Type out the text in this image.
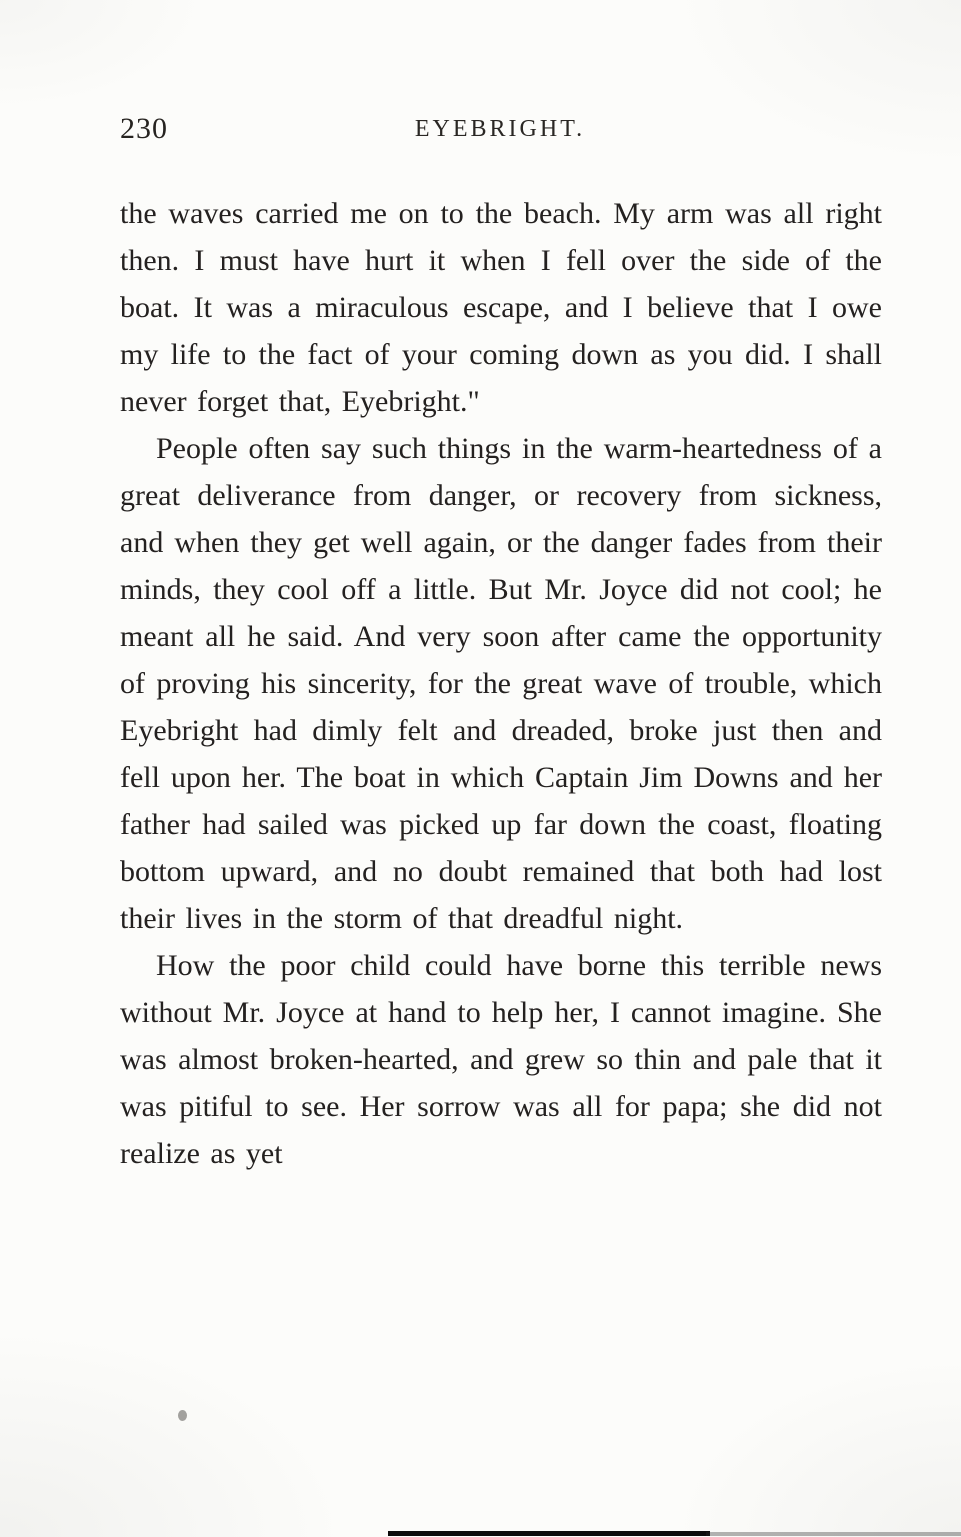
230	EYEBRIGHT.

the waves carried me on to the beach. My arm was all right then. I must have hurt it when I fell over the side of the boat. It was a miraculous escape, and I believe that I owe my life to the fact of your coming down as you did. I shall never forget that, Eyebright."

People often say such things in the warm-heartedness of a great deliverance from danger, or recovery from sickness, and when they get well again, or the danger fades from their minds, they cool off a little. But Mr. Joyce did not cool; he meant all he said. And very soon after came the opportunity of proving his sincerity, for the great wave of trouble, which Eyebright had dimly felt and dreaded, broke just then and fell upon her. The boat in which Captain Jim Downs and her father had sailed was picked up far down the coast, floating bottom upward, and no doubt remained that both had lost their lives in the storm of that dreadful night.

How the poor child could have borne this terrible news without Mr. Joyce at hand to help her, I cannot imagine. She was almost broken-hearted, and grew so thin and pale that it was pitiful to see. Her sorrow was all for papa; she did not realize as yet
